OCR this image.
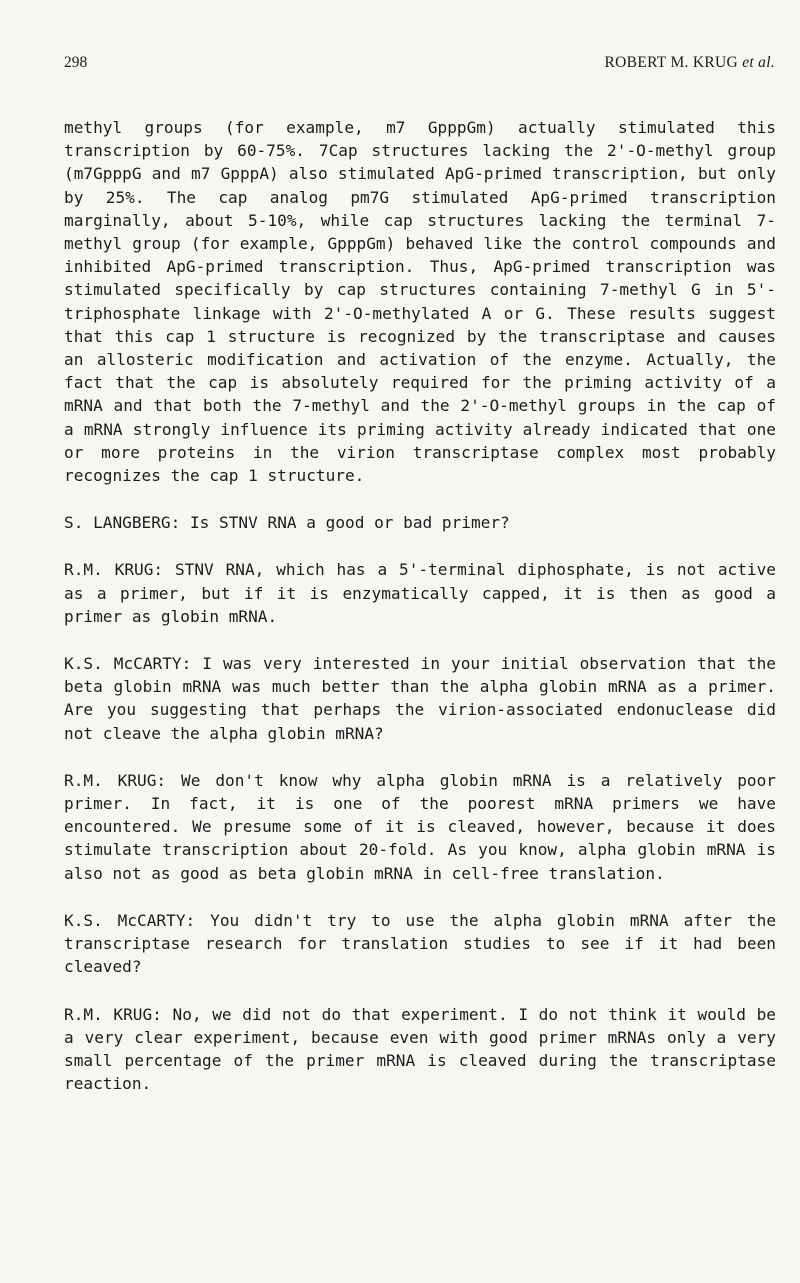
298	ROBERT M. KRUG et al.

methyl groups (for example, m7 GpppGm) actually stimulated this transcription by 60-75%. 7Cap structures lacking the 2'-O-methyl group (m7GpppG and m7 GpppA) also stimulated ApG-primed transcription, but only by 25%. The cap analog pm7G stimulated ApG-primed transcription marginally, about 5-10%, while cap structures lacking the terminal 7-methyl group (for example, GpppGm) behaved like the control compounds and inhibited ApG-primed transcription. Thus, ApG-primed transcription was stimulated specifically by cap structures containing 7-methyl G in 5'-triphosphate linkage with 2'-O-methylated A or G. These results suggest that this cap 1 structure is recognized by the transcriptase and causes an allosteric modification and activation of the enzyme. Actually, the fact that the cap is absolutely required for the priming activity of a mRNA and that both the 7-methyl and the 2'-O-methyl groups in the cap of a mRNA strongly influence its priming activity already indicated that one or more proteins in the virion transcriptase complex most probably recognizes the cap 1 structure.

S. LANGBERG: Is STNV RNA a good or bad primer?

R.M. KRUG: STNV RNA, which has a 5'-terminal diphosphate, is not active as a primer, but if it is enzymatically capped, it is then as good a primer as globin mRNA.

K.S. McCARTY: I was very interested in your initial observation that the beta globin mRNA was much better than the alpha globin mRNA as a primer. Are you suggesting that perhaps the virion-associated endonuclease did not cleave the alpha globin mRNA?

R.M. KRUG: We don't know why alpha globin mRNA is a relatively poor primer. In fact, it is one of the poorest mRNA primers we have encountered. We presume some of it is cleaved, however, because it does stimulate transcription about 20-fold. As you know, alpha globin mRNA is also not as good as beta globin mRNA in cell-free translation.

K.S. McCARTY: You didn't try to use the alpha globin mRNA after the transcriptase research for translation studies to see if it had been cleaved?

R.M. KRUG: No, we did not do that experiment. I do not think it would be a very clear experiment, because even with good primer mRNAs only a very small percentage of the primer mRNA is cleaved during the transcriptase reaction.
